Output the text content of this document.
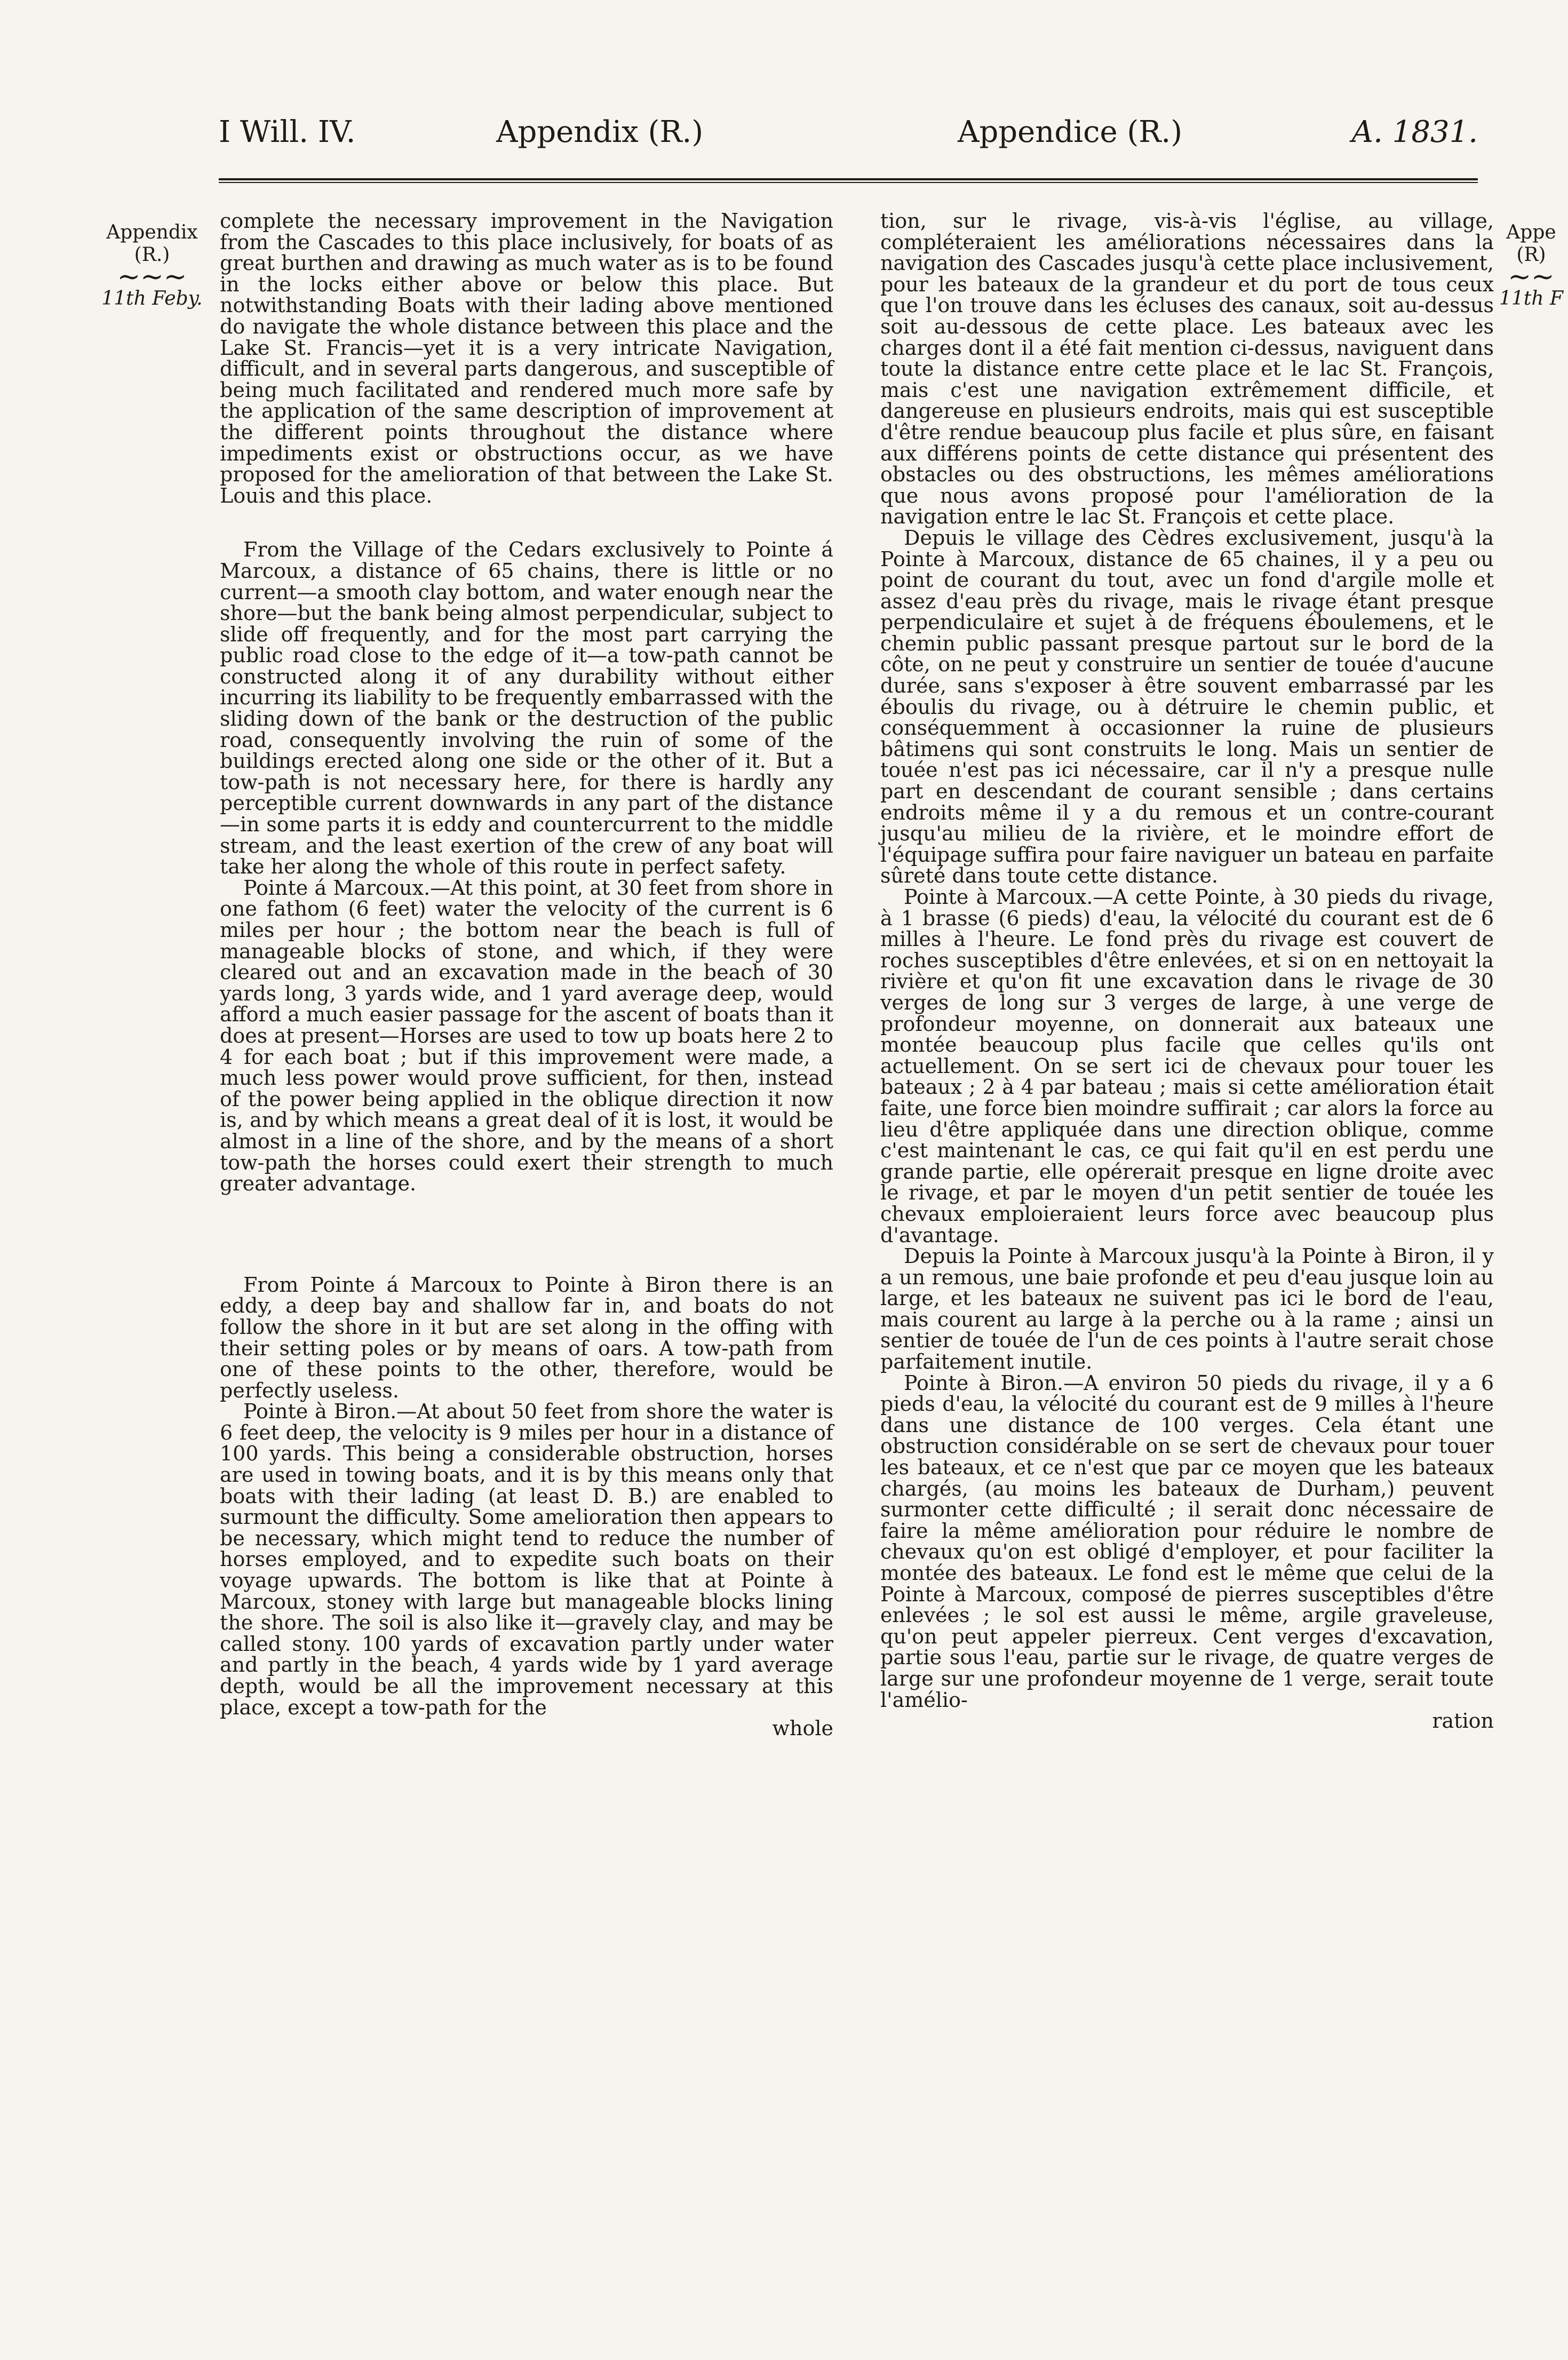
I Will. IV.	Appendix (R.)	Appendice (R.)	A. 1831.
Appendix
(R.)
~~~
11th Feby.
Appe
(R)
~~
11th F

complete the necessary improvement in the Navigation from the Cascades to this place inclusively, for boats of as great burthen and drawing as much water as is to be found in the locks either above or below this place. But notwithstanding Boats with their lading above mentioned do navigate the whole distance between this place and the Lake St. Francis—yet it is a very intricate Navigation, difficult, and in several parts dangerous, and susceptible of being much facilitated and rendered much more safe by the application of the same description of improvement at the different points throughout the distance where impediments exist or obstructions occur, as we have proposed for the amelioration of that between the Lake St. Louis and this place.

From the Village of the Cedars exclusively to Pointe á Marcoux, a distance of 65 chains, there is little or no current—a smooth clay bottom, and water enough near the shore—but the bank being almost perpendicular, subject to slide off frequently, and for the most part carrying the public road close to the edge of it—a tow-path cannot be constructed along it of any durability without either incurring its liability to be frequently embarrassed with the sliding down of the bank or the destruction of the public road, consequently involving the ruin of some of the buildings erected along one side or the other of it. But a tow-path is not necessary here, for there is hardly any perceptible current downwards in any part of the distance—in some parts it is eddy and countercurrent to the middle stream, and the least exertion of the crew of any boat will take her along the whole of this route in perfect safety.

Pointe á Marcoux.—At this point, at 30 feet from shore in one fathom (6 feet) water the velocity of the current is 6 miles per hour ; the bottom near the beach is full of manageable blocks of stone, and which, if they were cleared out and an excavation made in the beach of 30 yards long, 3 yards wide, and 1 yard average deep, would afford a much easier passage for the ascent of boats than it does at present—Horses are used to tow up boats here 2 to 4 for each boat ; but if this improvement were made, a much less power would prove sufficient, for then, instead of the power being applied in the oblique direction it now is, and by which means a great deal of it is lost, it would be almost in a line of the shore, and by the means of a short tow-path the horses could exert their strength to much greater advantage.

From Pointe á Marcoux to Pointe à Biron there is an eddy, a deep bay and shallow far in, and boats do not follow the shore in it but are set along in the offing with their setting poles or by means of oars. A tow-path from one of these points to the other, therefore, would be perfectly useless.

Pointe à Biron.—At about 50 feet from shore the water is 6 feet deep, the velocity is 9 miles per hour in a distance of 100 yards. This being a considerable obstruction, horses are used in towing boats, and it is by this means only that boats with their lading (at least D. B.) are enabled to surmount the difficulty. Some amelioration then appears to be necessary, which might tend to reduce the number of horses employed, and to expedite such boats on their voyage upwards. The bottom is like that at Pointe à Marcoux, stoney with large but manageable blocks lining the shore. The soil is also like it—gravely clay, and may be called stony. 100 yards of excavation partly under water and partly in the beach, 4 yards wide by 1 yard average depth, would be all the improvement necessary at this place, except a tow-path for the

whole

tion, sur le rivage, vis-à-vis l'église, au village, compléteraient les améliorations nécessaires dans la navigation des Cascades jusqu'à cette place inclusivement, pour les bateaux de la grandeur et du port de tous ceux que l'on trouve dans les écluses des canaux, soit au-dessus soit au-dessous de cette place. Les bateaux avec les charges dont il a été fait mention ci-dessus, naviguent dans toute la distance entre cette place et le lac St. François, mais c'est une navigation extrêmement difficile, et dangereuse en plusieurs endroits, mais qui est susceptible d'être rendue beaucoup plus facile et plus sûre, en faisant aux différens points de cette distance qui présentent des obstacles ou des obstructions, les mêmes améliorations que nous avons proposé pour l'amélioration de la navigation entre le lac St. François et cette place.

Depuis le village des Cèdres exclusivement, jusqu'à la Pointe à Marcoux, distance de 65 chaines, il y a peu ou point de courant du tout, avec un fond d'argile molle et assez d'eau près du rivage, mais le rivage étant presque perpendiculaire et sujet à de fréquens éboulemens, et le chemin public passant presque partout sur le bord de la côte, on ne peut y construire un sentier de touée d'aucune durée, sans s'exposer à être souvent embarrassé par les éboulis du rivage, ou à détruire le chemin public, et conséquemment à occasionner la ruine de plusieurs bâtimens qui sont construits le long. Mais un sentier de touée n'est pas ici nécessaire, car il n'y a presque nulle part en descendant de courant sensible ; dans certains endroits même il y a du remous et un contre-courant jusqu'au milieu de la rivière, et le moindre effort de l'équipage suffira pour faire naviguer un bateau en parfaite sûreté dans toute cette distance.

Pointe à Marcoux.—A cette Pointe, à 30 pieds du rivage, à 1 brasse (6 pieds) d'eau, la vélocité du courant est de 6 milles à l'heure. Le fond près du rivage est couvert de roches susceptibles d'être enlevées, et si on en nettoyait la rivière et qu'on fit une excavation dans le rivage de 30 verges de long sur 3 verges de large, à une verge de profondeur moyenne, on donnerait aux bateaux une montée beaucoup plus facile que celles qu'ils ont actuellement. On se sert ici de chevaux pour touer les bateaux ; 2 à 4 par bateau ; mais si cette amélioration était faite, une force bien moindre suffirait ; car alors la force au lieu d'être appliquée dans une direction oblique, comme c'est maintenant le cas, ce qui fait qu'il en est perdu une grande partie, elle opérerait presque en ligne droite avec le rivage, et par le moyen d'un petit sentier de touée les chevaux emploieraient leurs force avec beaucoup plus d'avantage.

Depuis la Pointe à Marcoux jusqu'à la Pointe à Biron, il y a un remous, une baie profonde et peu d'eau jusque loin au large, et les bateaux ne suivent pas ici le bord de l'eau, mais courent au large à la perche ou à la rame ; ainsi un sentier de touée de l'un de ces points à l'autre serait chose parfaitement inutile.

Pointe à Biron.—A environ 50 pieds du rivage, il y a 6 pieds d'eau, la vélocité du courant est de 9 milles à l'heure dans une distance de 100 verges. Cela étant une obstruction considérable on se sert de chevaux pour touer les bateaux, et ce n'est que par ce moyen que les bateaux chargés, (au moins les bateaux de Durham,) peuvent surmonter cette difficulté ; il serait donc nécessaire de faire la même amélioration pour réduire le nombre de chevaux qu'on est obligé d'employer, et pour faciliter la montée des bateaux. Le fond est le même que celui de la Pointe à Marcoux, composé de pierres susceptibles d'être enlevées ; le sol est aussi le même, argile graveleuse, qu'on peut appeler pierreux. Cent verges d'excavation, partie sous l'eau, partie sur le rivage, de quatre verges de large sur une profondeur moyenne de 1 verge, serait toute l'amélio-

ration
